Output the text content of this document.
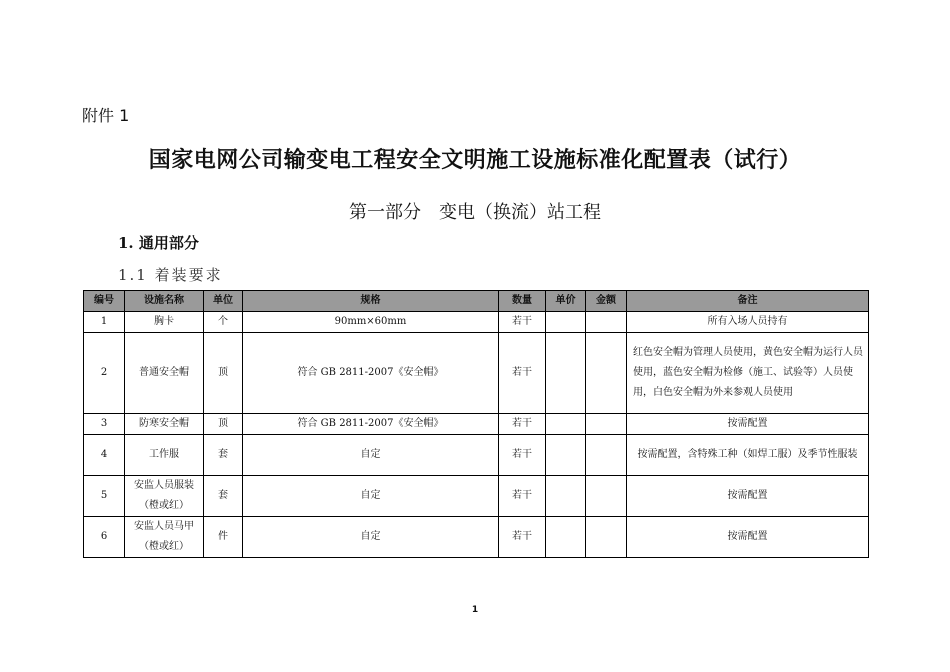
附件 1
国家电网公司输变电工程安全文明施工设施标准化配置表（试行）
第一部分　变电（换流）站工程
1. 通用部分
1.1 着装要求
编号	设施名称	单位	规格	数量	单价	金额	备注
1	胸卡	个	90mm×60mm	若干			所有入场人员持有
2	普通安全帽	顶	符合 GB 2811-2007《安全帽》	若干			红色安全帽为管理人员使用，黄色安全帽为运行人员使用，蓝色安全帽为检修（施工、试验等）人员使用，白色安全帽为外来参观人员使用
3	防寒安全帽	顶	符合 GB 2811-2007《安全帽》	若干			按需配置
4	工作服	套	自定	若干			按需配置，含特殊工种（如焊工服）及季节性服装
5	安监人员服装（橙或红）	套	自定	若干			按需配置
6	安监人员马甲（橙或红）	件	自定	若干			按需配置
1
